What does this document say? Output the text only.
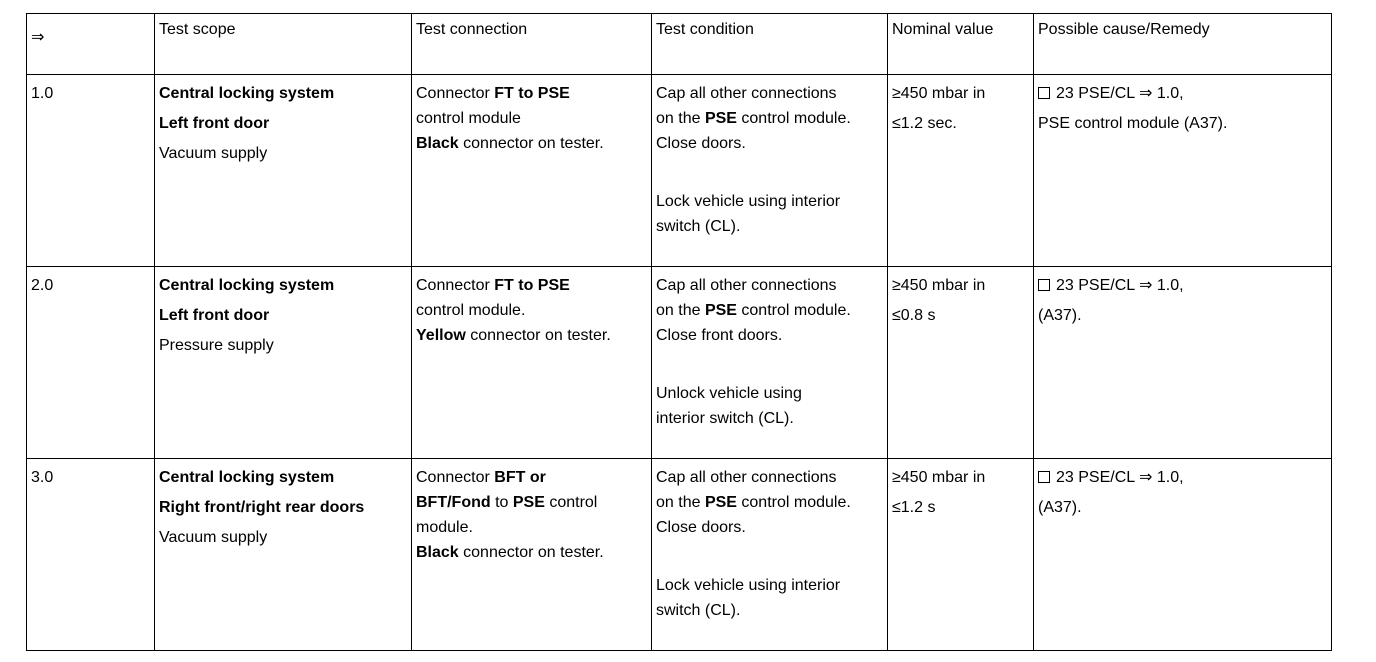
⇒	Test scope	Test connection	Test condition	Nominal value	Possible cause/Remedy
1.0	Central locking system
Left front door
Vacuum supply	Connector FT to PSE
control module
Black connector on tester.	Cap all other connections
on the PSE control module.
Close doors.
Lock vehicle using interior
switch (CL).	≥450 mbar in
≤1.2 sec.	23 PSE/CL ⇒ 1.0,
PSE control module (A37).

2.0	Central locking system
Left front door
Pressure supply	Connector FT to PSE
control module.
Yellow connector on tester.	Cap all other connections
on the PSE control module.
Close front doors.
Unlock vehicle using
interior switch (CL).	≥450 mbar in
≤0.8 s	23 PSE/CL ⇒ 1.0,
(A37).

3.0	Central locking system
Right front/right rear doors
Vacuum supply	Connector BFT or
BFT/Fond to PSE control
module.
Black connector on tester.	Cap all other connections
on the PSE control module.
Close doors.
Lock vehicle using interior
switch (CL).	≥450 mbar in
≤1.2 s	23 PSE/CL ⇒ 1.0,
(A37).
